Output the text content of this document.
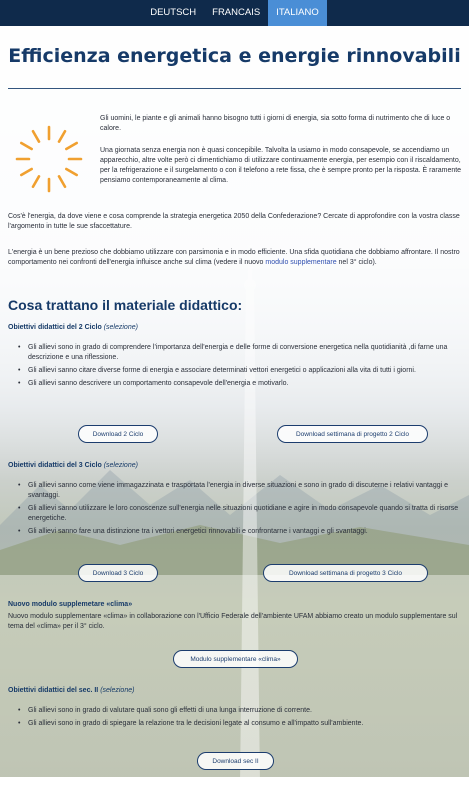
DEUTSCH	FRANCAIS	ITALIANO
Efficienza energetica e energie rinnovabili

Gli uomini, le piante e gli animali hanno bisogno tutti i giorni di energia, sia sotto forma di nutrimento che di luce o calore.

Una giornata senza energia non è quasi concepibile. Talvolta la usiamo in modo consapevole, se accendiamo un apparecchio, altre volte però ci dimentichiamo di utilizzare continuamente energia, per esempio con il riscaldamento, per la refrigerazione e il surgelamento o con il telefono a rete fissa, che è sempre pronto per la risposta. È raramente pensiamo contemporaneamente al clima.

Cos'è l'energia, da dove viene e cosa comprende la strategia energetica 2050 della Confederazione? Cercate di approfondire con la vostra classe l'argomento in tutte le sue sfaccettature.
L'energia è un bene prezioso che dobbiamo utilizzare con parsimonia e in modo efficiente. Una sfida quotidiana che dobbiamo affrontare. Il nostro comportamento nei confronti dell'energia influisce anche sul clima (vedere il nuovo modulo supplementare nel 3° ciclo).
Cosa trattano il materiale didattico:
Obiettivi didattici del 2 Ciclo (selezione)
• Gli allievi sono in grado di comprendere l'importanza dell'energia e delle forme di conversione energetica nella quotidianità ,di farne una descrizione e una riflessione.
• Gli allievi sanno citare diverse forme di energia e associare determinati vettori energetici o applicazioni alla vita di tutti i giorni.
• Gli allievi sanno descrivere un comportamento consapevole dell'energia e motivarlo.
Download 2 Ciclo	Download settimana di progetto 2 Ciclo
Obiettivi didattici del 3 Ciclo (selezione)
• Gli allievi sanno come viene immagazzinata e trasportata l'energia in diverse situazioni e sono in grado di discuterne i relativi vantaggi e svantaggi.
• Gli allievi sanno utilizzare le loro conoscenze sull'energia nelle situazioni quotidiane e agire in modo consapevole quando si tratta di risorse energetiche.
• Gli allievi sanno fare una distinzione tra i vettori energetici rinnovabili e confrontarne i vantaggi e gli svantaggi.
Download 3 Ciclo	Download settimana di progetto 3 Ciclo
Nuovo modulo supplemetare «clima»
Nuovo modulo supplementare «clima» in collaborazione con l'Ufficio Federale dell'ambiente UFAM abbiamo creato un modulo supplementare sul tema del «clima» per il 3° ciclo.
Modulo supplementare «clima»
Obiettivi didattici del sec. II (selezione)
• Gli allievi sono in grado di valutare quali sono gli effetti di una lunga interruzione di corrente.
• Gli allievi sono in grado di spiegare la relazione tra le decisioni legate al consumo e all'impatto sull'ambiente.
Download sec II
